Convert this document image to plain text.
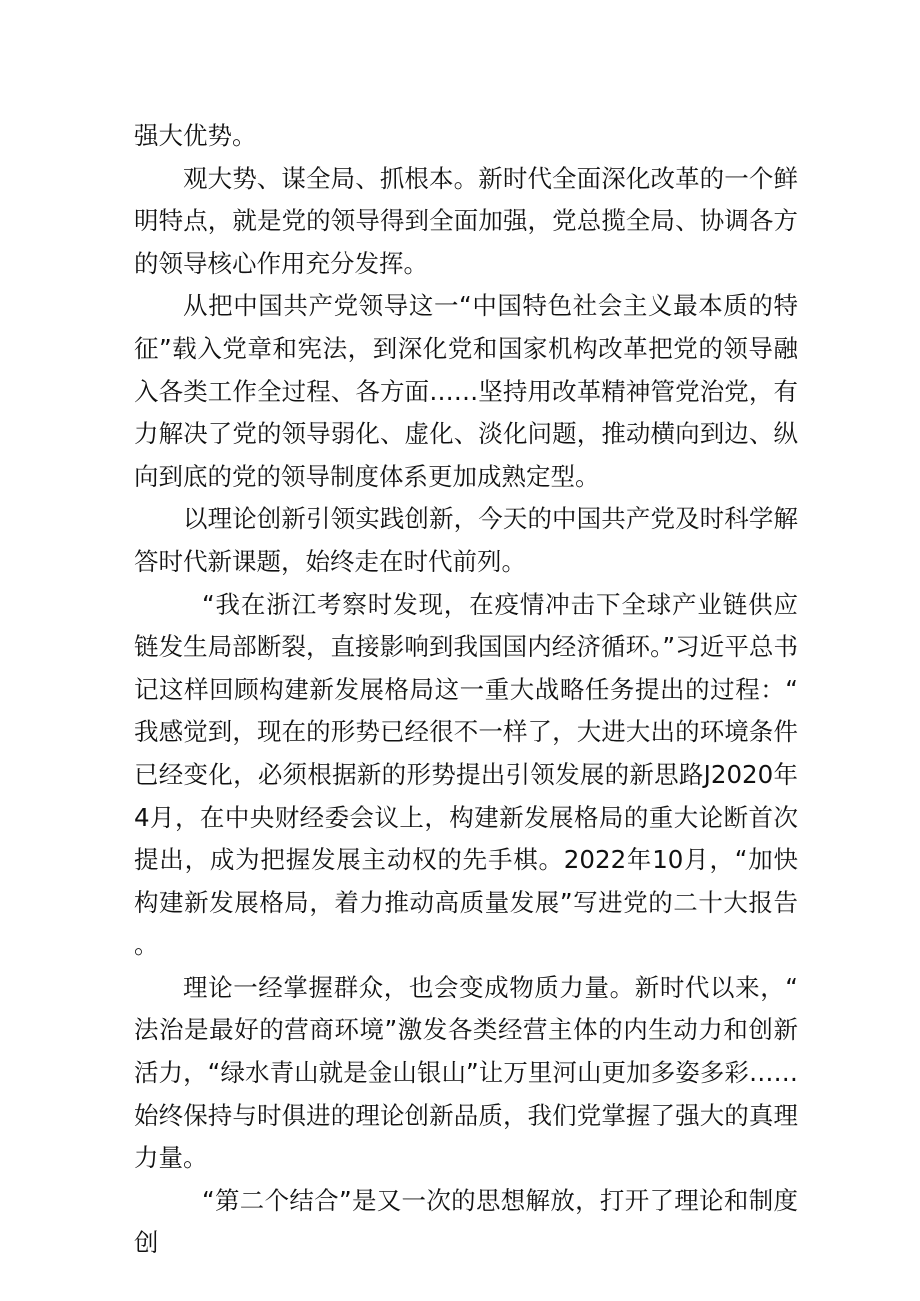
强大优势。

观大势、谋全局、抓根本。新时代全面深化改革的一个鲜明特点，就是党的领导得到全面加强，党总揽全局、协调各方的领导核心作用充分发挥。

从把中国共产党领导这一“中国特色社会主义最本质的特征”载入党章和宪法，到深化党和国家机构改革把党的领导融入各类工作全过程、各方面……坚持用改革精神管党治党，有力解决了党的领导弱化、虚化、淡化问题，推动横向到边、纵向到底的党的领导制度体系更加成熟定型。

以理论创新引领实践创新，今天的中国共产党及时科学解答时代新课题，始终走在时代前列。

“我在浙江考察时发现，在疫情冲击下全球产业链供应链发生局部断裂，直接影响到我国国内经济循环。”习近平总书记这样回顾构建新发展格局这一重大战略任务提出的过程：“我感觉到，现在的形势已经很不一样了，大进大出的环境条件已经变化，必须根据新的形势提出引领发展的新思路J2020年4月，在中央财经委会议上，构建新发展格局的重大论断首次提出，成为把握发展主动权的先手棋。2022年10月，“加快构建新发展格局，着力推动高质量发展”写进党的二十大报告。

理论一经掌握群众，也会变成物质力量。新时代以来，“法治是最好的营商环境”激发各类经营主体的内生动力和创新活力，“绿水青山就是金山银山”让万里河山更加多姿多彩……始终保持与时俱进的理论创新品质，我们党掌握了强大的真理力量。

“第二个结合”是又一次的思想解放，打开了理论和制度创
